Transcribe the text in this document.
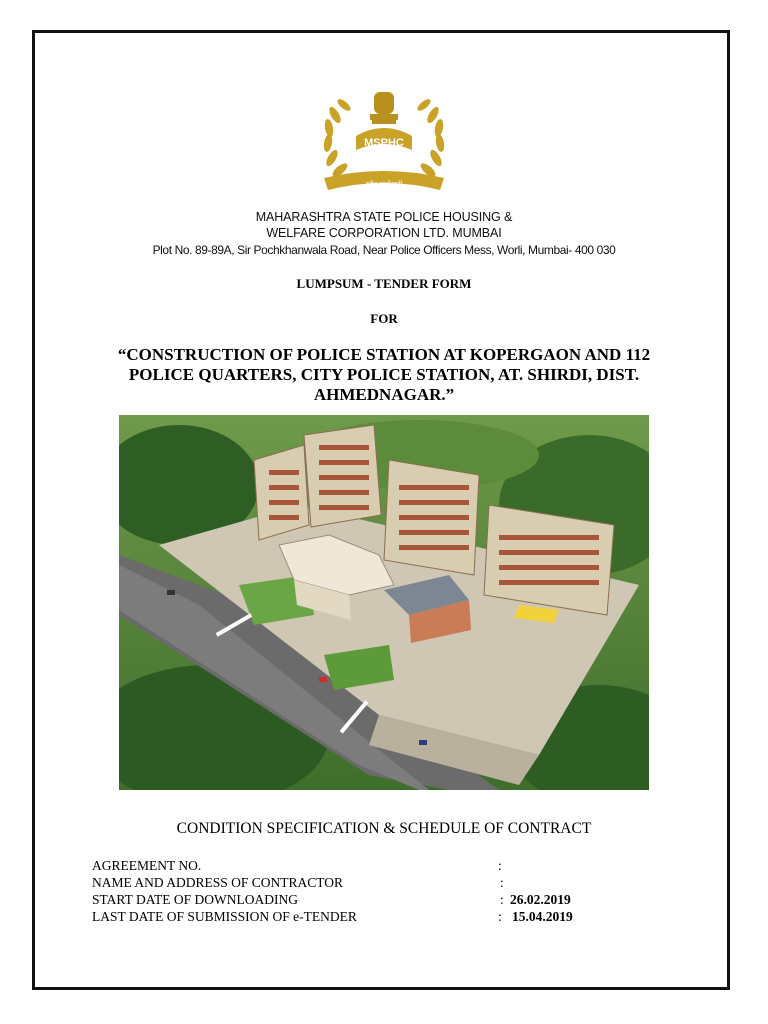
MSPHC
सदैव सुरक्षेसाठी
MAHARASHTRA STATE POLICE HOUSING &
WELFARE CORPORATION LTD. MUMBAI
Plot No. 89-89A, Sir Pochkhanwala Road, Near Police Officers Mess, Worli, Mumbai- 400 030
LUMPSUM - TENDER FORM
FOR
“CONSTRUCTION OF POLICE STATION AT KOPERGAON AND 112
POLICE QUARTERS, CITY POLICE STATION, AT. SHIRDI, DIST.
AHMEDNAGAR.”
CONDITION SPECIFICATION & SCHEDULE OF CONTRACT
AGREEMENT NO.	:
NAME AND ADDRESS OF CONTRACTOR	:
START DATE OF DOWNLOADING	: 26.02.2019
LAST DATE OF SUBMISSION OF e-TENDER	: 15.04.2019
